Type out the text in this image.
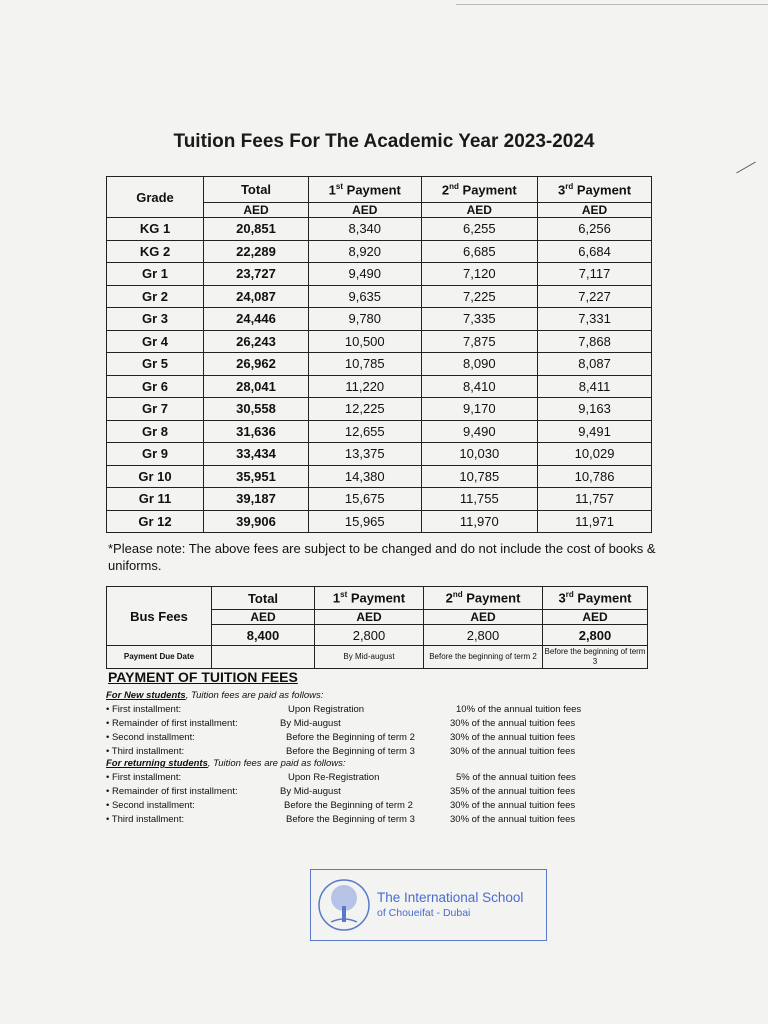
Tuition Fees For The Academic Year 2023-2024
Grade	Total	1st Payment	2nd Payment	3rd Payment
	AED	AED	AED	AED
KG 1	20,851	8,340	6,255	6,256
KG 2	22,289	8,920	6,685	6,684
Gr 1	23,727	9,490	7,120	7,117
Gr 2	24,087	9,635	7,225	7,227
Gr 3	24,446	9,780	7,335	7,331
Gr 4	26,243	10,500	7,875	7,868
Gr 5	26,962	10,785	8,090	8,087
Gr 6	28,041	11,220	8,410	8,411
Gr 7	30,558	12,225	9,170	9,163
Gr 8	31,636	12,655	9,490	9,491
Gr 9	33,434	13,375	10,030	10,029
Gr 10	35,951	14,380	10,785	10,786
Gr 11	39,187	15,675	11,755	11,757
Gr 12	39,906	15,965	11,970	11,971
*Please note: The above fees are subject to be changed and do not include the cost of books & uniforms.
Bus Fees	Total	1st Payment	2nd Payment	3rd Payment
	AED	AED	AED	AED
	8,400	2,800	2,800	2,800
Payment Due Date		By Mid-august	Before the beginning of term 2	Before the beginning of term 3
PAYMENT OF TUITION FEES
For New students, Tuition fees are paid as follows:
• First installment:	Upon Registration	10% of the annual tuition fees
• Remainder of first installment:	By Mid-august	30% of the annual tuition fees
• Second installment:	Before the Beginning of term 2	30% of the annual tuition fees
• Third installment:	Before the Beginning of term 3	30% of the annual tuition fees
For returning students, Tuition fees are paid as follows:
• First installment:	Upon Re-Registration	5% of the annual tuition fees
• Remainder of first installment:	By Mid-august	35% of the annual tuition fees
• Second installment:	Before the Beginning of term 2	30% of the annual tuition fees
• Third installment:	Before the Beginning of term 3	30% of the annual tuition fees
The International School
of Choueifat - Dubai
